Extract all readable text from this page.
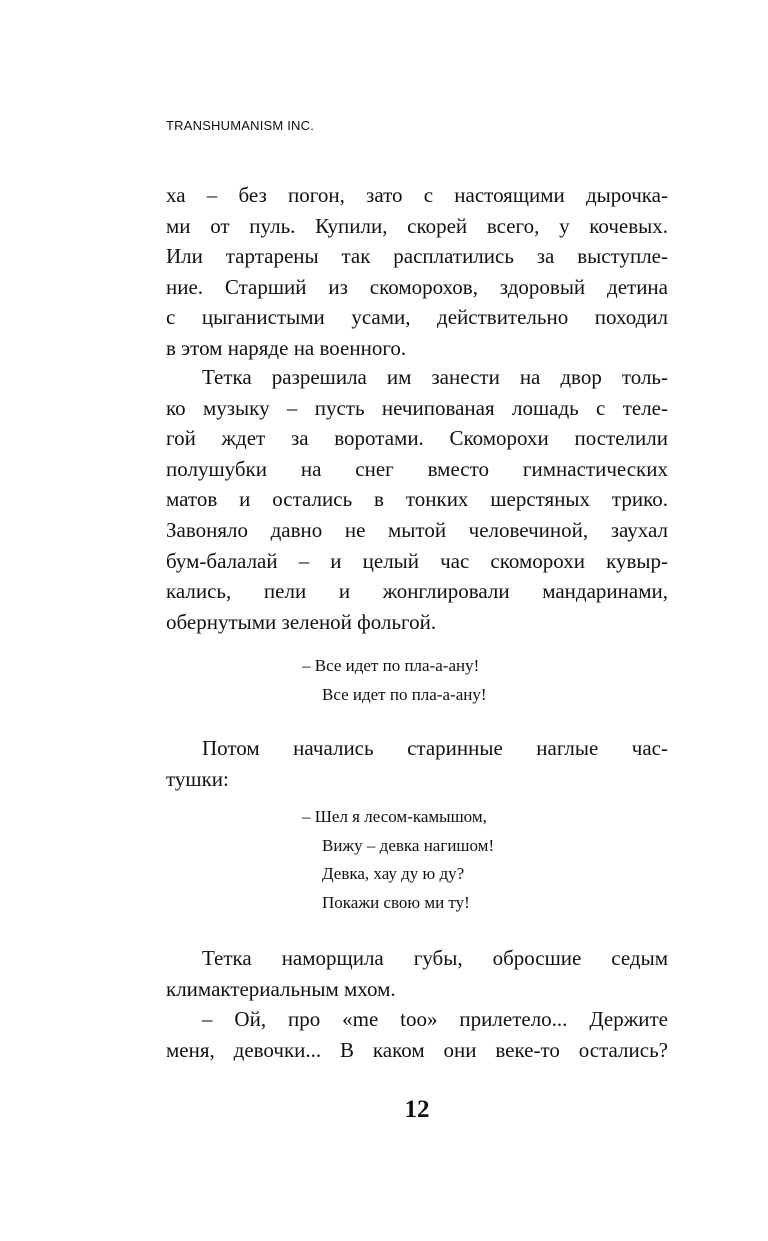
TRANSHUMANISM INC.
ха – без погон, зато с настоящими дырочка-
ми от пуль. Купили, скорей всего, у кочевых.
Или тартарены так расплатились за выступле-
ние. Старший из скоморохов, здоровый детина
с цыганистыми усами, действительно походил
в этом наряде на военного.
Тетка разрешила им занести на двор толь-
ко музыку – пусть нечипованая лошадь с теле-
гой ждет за воротами. Скоморохи постелили
полушубки на снег вместо гимнастических
матов и остались в тонких шерстяных трико.
Завоняло давно не мытой человечиной, заухал
бум-балалай – и целый час скоморохи кувыр-
кались, пели и жонглировали мандаринами,
обернутыми зеленой фольгой.
– Все идет по пла-а-ану!
Все идет по пла-а-ану!
Потом начались старинные наглые час-
тушки:
– Шел я лесом-камышом,
Вижу – девка нагишом!
Девка, хау ду ю ду?
Покажи свою ми ту!
Тетка наморщила губы, обросшие седым
климактериальным мхом.
– Ой, про «me too» прилетело... Держите
меня, девочки... В каком они веке-то остались?
12
